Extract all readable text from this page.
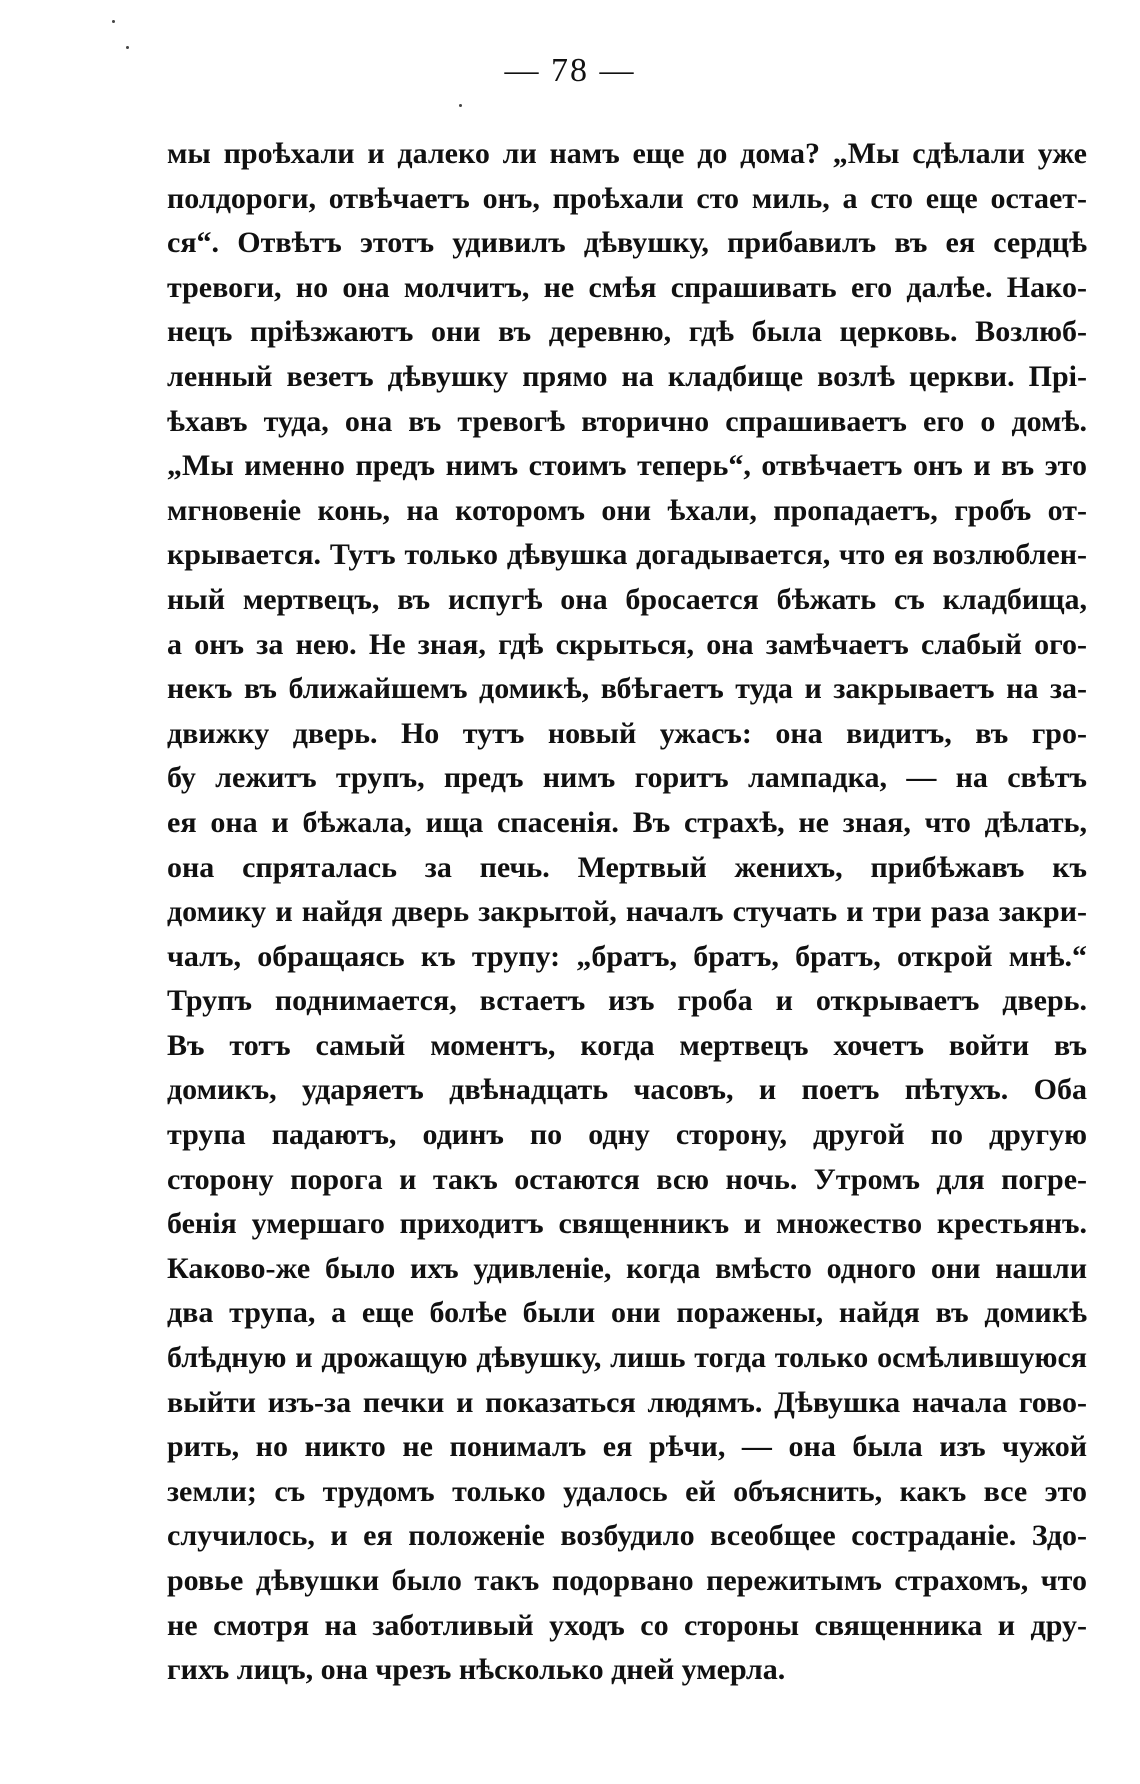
— 78 —
мы проѣхали и далеко ли намъ еще до дома? „Мы сдѣлали уже
полдороги, отвѣчаетъ онъ, проѣхали сто миль, а сто еще остает-
ся“. Отвѣтъ этотъ удивилъ дѣвушку, прибавилъ въ ея сердцѣ
тревоги, но она молчитъ, не смѣя спрашивать его далѣе. Нако-
нецъ пріѣзжаютъ они въ деревню, гдѣ была церковь. Возлюб-
ленный везетъ дѣвушку прямо на кладбище возлѣ церкви. Прі-
ѣхавъ туда, она въ тревогѣ вторично спрашиваетъ его о домѣ.
„Мы именно предъ нимъ стоимъ теперь“, отвѣчаетъ онъ и въ это
мгновеніе конь, на которомъ они ѣхали, пропадаетъ, гробъ от-
крывается. Тутъ только дѣвушка догадывается, что ея возлюблен-
ный мертвецъ, въ испугѣ она бросается бѣжать съ кладбища,
а онъ за нею. Не зная, гдѣ скрыться, она замѣчаетъ слабый ого-
некъ въ ближайшемъ домикѣ, вбѣгаетъ туда и закрываетъ на за-
движку дверь. Но тутъ новый ужасъ: она видитъ, въ гро-
бу лежитъ трупъ, предъ нимъ горитъ лампадка, — на свѣтъ
ея она и бѣжала, ища спасенія. Въ страхѣ, не зная, что дѣлать,
она спряталась за печь. Мертвый женихъ, прибѣжавъ къ
домику и найдя дверь закрытой, началъ стучать и три раза закри-
чалъ, обращаясь къ трупу: „братъ, братъ, братъ, открой мнѣ.“
Трупъ поднимается, встаетъ изъ гроба и открываетъ дверь.
Въ тотъ самый моментъ, когда мертвецъ хочетъ войти въ
домикъ, ударяетъ двѣнадцать часовъ, и поетъ пѣтухъ. Оба
трупа падаютъ, одинъ по одну сторону, другой по другую
сторону порога и такъ остаются всю ночь. Утромъ для погре-
бенія умершаго приходитъ священникъ и множество крестьянъ.
Каково-же было ихъ удивленіе, когда вмѣсто одного они нашли
два трупа, а еще болѣе были они поражены, найдя въ домикѣ
блѣдную и дрожащую дѣвушку, лишь тогда только осмѣлившуюся
выйти изъ-за печки и показаться людямъ. Дѣвушка начала гово-
рить, но никто не понималъ ея рѣчи, — она была изъ чужой
земли; съ трудомъ только удалось ей объяснить, какъ все это
случилось, и ея положеніе возбудило всеобщее состраданіе. Здо-
ровье дѣвушки было такъ подорвано пережитымъ страхомъ, что
не смотря на заботливый уходъ со стороны священника и дру-
гихъ лицъ, она чрезъ нѣсколько дней умерла.
